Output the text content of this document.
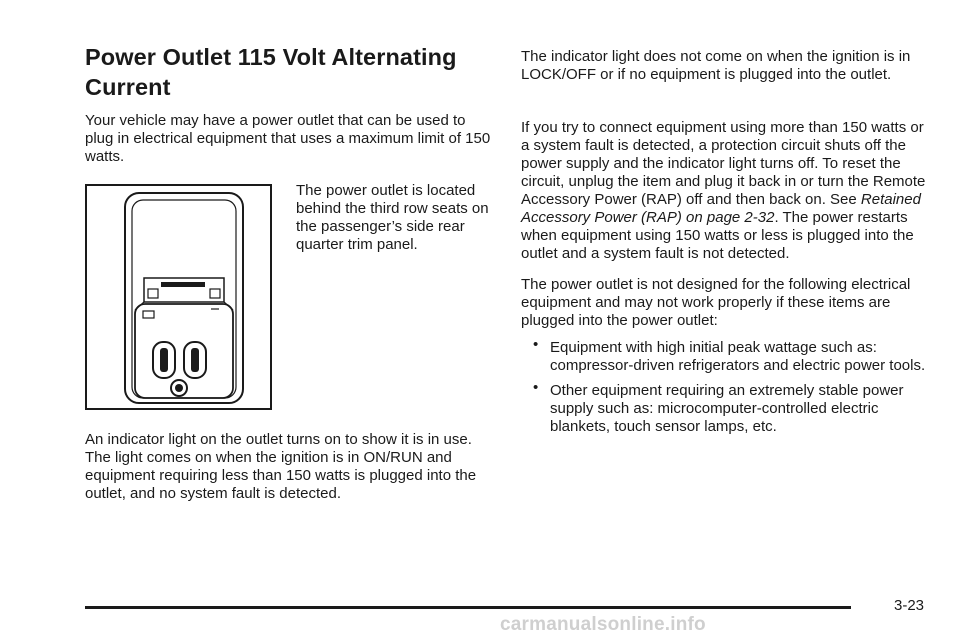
Power Outlet 115 Volt Alternating
Current

Your vehicle may have a power outlet that can be used to plug in electrical equipment that uses a maximum limit of 150 watts.

The power outlet is located behind the third row seats on the passenger’s side rear quarter trim panel.

An indicator light on the outlet turns on to show it is in use. The light comes on when the ignition is in ON/RUN and equipment requiring less than 150 watts is plugged into the outlet, and no system fault is detected.

The indicator light does not come on when the ignition is in LOCK/OFF or if no equipment is plugged into the outlet.

If you try to connect equipment using more than 150 watts or a system fault is detected, a protection circuit shuts off the power supply and the indicator light turns off. To reset the circuit, unplug the item and plug it back in or turn the Remote Accessory Power (RAP) off and then back on. See Retained Accessory Power (RAP) on page 2-32. The power restarts when equipment using 150 watts or less is plugged into the outlet and a system fault is not detected.

The power outlet is not designed for the following electrical equipment and may not work properly if these items are plugged into the power outlet:

• Equipment with high initial peak wattage such as: compressor-driven refrigerators and electric power tools.
• Other equipment requiring an extremely stable power supply such as: microcomputer-controlled electric blankets, touch sensor lamps, etc.
3-23
carmanualsonline.info
